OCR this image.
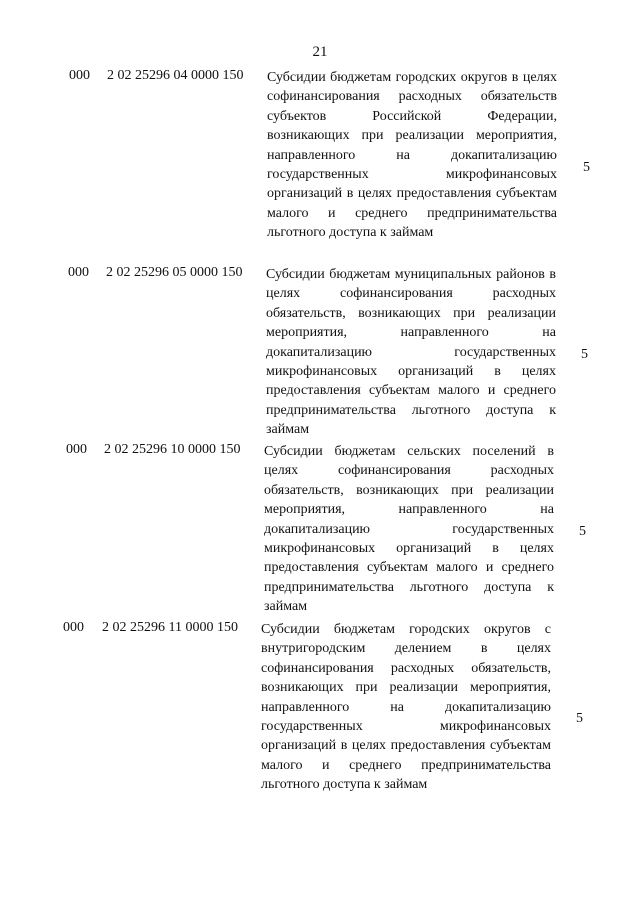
21
000 2 02 25296 04 0000 150 Субсидии бюджетам городских округов в целях софинансирования расходных обязательств субъектов Российской Федерации, возникающих при реализации мероприятия, направленного на докапитализацию государственных микрофинансовых организаций в целях предоставления субъектам малого и среднего предпринимательства льготного доступа к займам
5
000 2 02 25296 05 0000 150 Субсидии бюджетам муниципальных районов в целях софинансирования расходных обязательств, возникающих при реализации мероприятия, направленного на докапитализацию государственных микрофинансовых организаций в целях предоставления субъектам малого и среднего предпринимательства льготного доступа к займам
5
000 2 02 25296 10 0000 150 Субсидии бюджетам сельских поселений в целях софинансирования расходных обязательств, возникающих при реализации мероприятия, направленного на докапитализацию государственных микрофинансовых организаций в целях предоставления субъектам малого и среднего предпринимательства льготного доступа к займам
5
000 2 02 25296 11 0000 150 Субсидии бюджетам городских округов с внутригородским делением в целях софинансирования расходных обязательств, возникающих при реализации мероприятия, направленного на докапитализацию государственных микрофинансовых организаций в целях предоставления субъектам малого и среднего предпринимательства льготного доступа к займам
5
